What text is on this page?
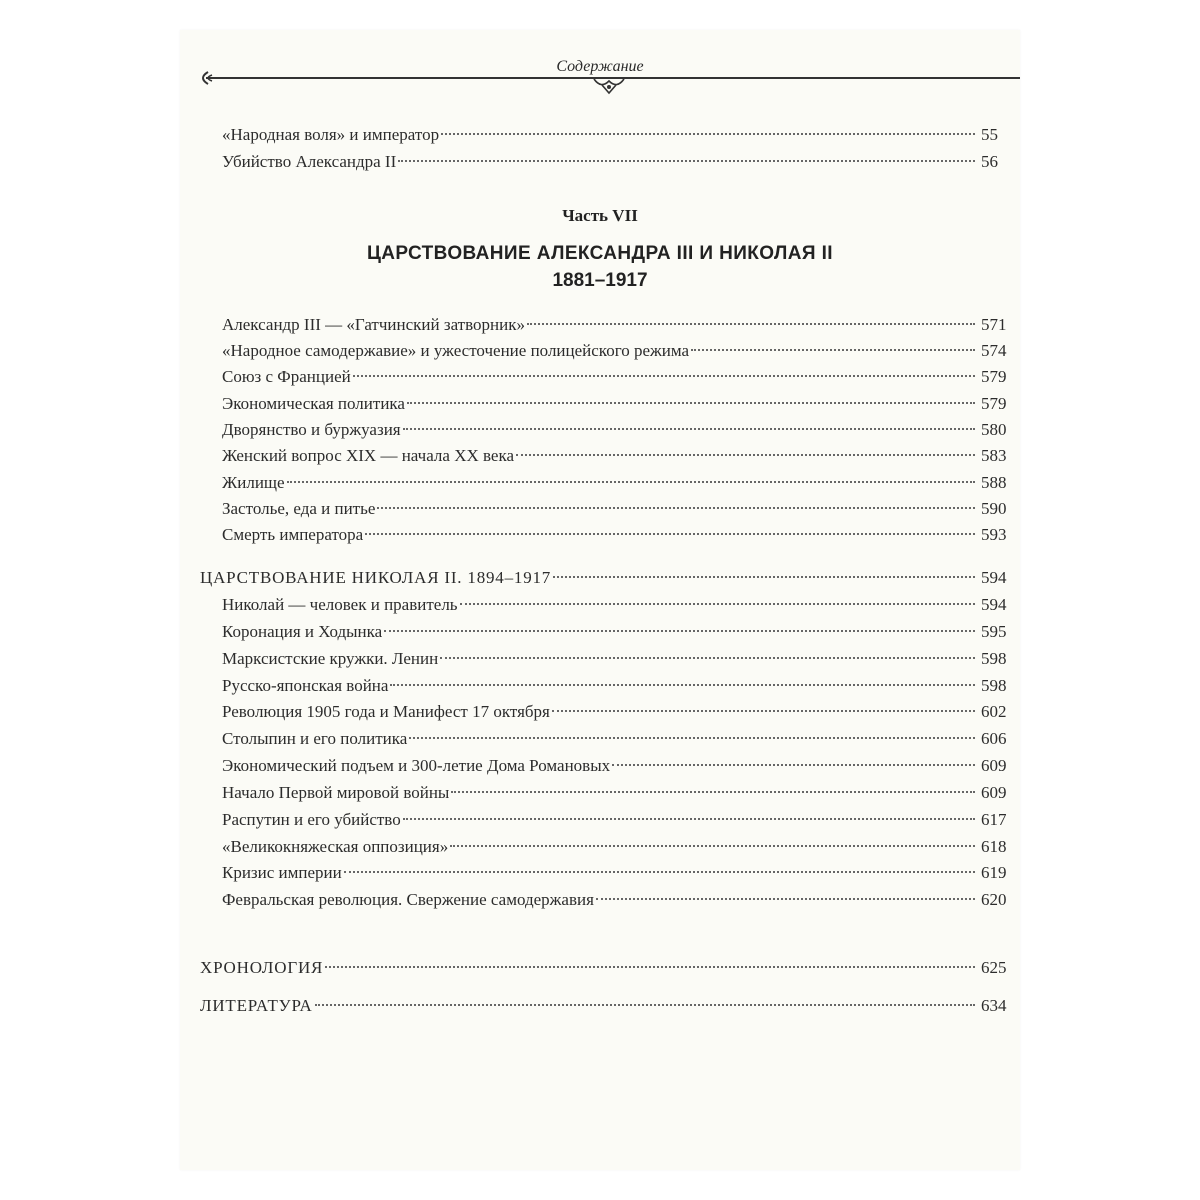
Содержание
«Народная воля» и император	55
Убийство Александра II	56
Часть VII
ЦАРСТВОВАНИЕ АЛЕКСАНДРА III И НИКОЛАЯ II
1881–1917
Александр III — «Гатчинский затворник»	571
«Народное самодержавие» и ужесточение полицейского режима	574
Союз с Францией	579
Экономическая политика	579
Дворянство и буржуазия	580
Женский вопрос XIX — начала XX века	583
Жилище	588
Застолье, еда и питье	590
Смерть императора	593
ЦАРСТВОВАНИЕ НИКОЛАЯ II. 1894–1917	594
Николай — человек и правитель	594
Коронация и Ходынка	595
Марксистские кружки. Ленин	598
Русско-японская война	598
Революция 1905 года и Манифест 17 октября	602
Столыпин и его политика	606
Экономический подъем и 300-летие Дома Романовых	609
Начало Первой мировой войны	609
Распутин и его убийство	617
«Великокняжеская оппозиция»	618
Кризис империи	619
Февральская революция. Свержение самодержавия	620
ХРОНОЛОГИЯ	625
ЛИТЕРАТУРА	634
